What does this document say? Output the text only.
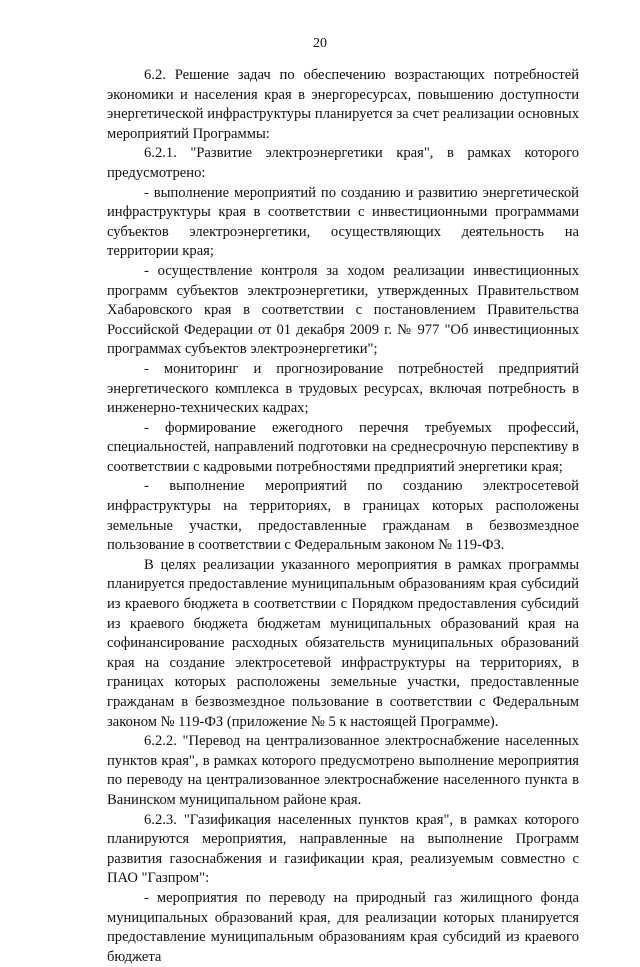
20

6.2. Решение задач по обеспечению возрастающих потребностей экономики и населения края в энергоресурсах, повышению доступности энергетической инфраструктуры планируется за счет реализации основных мероприятий Программы:

6.2.1. "Развитие электроэнергетики края", в рамках которого предусмотрено:

- выполнение мероприятий по созданию и развитию энергетической инфраструктуры края в соответствии с инвестиционными программами субъектов электроэнергетики, осуществляющих деятельность на территории края;

- осуществление контроля за ходом реализации инвестиционных программ субъектов электроэнергетики, утвержденных Правительством Хабаровского края в соответствии с постановлением Правительства Российской Федерации от 01 декабря 2009 г. № 977 "Об инвестиционных программах субъектов электроэнергетики";

- мониторинг и прогнозирование потребностей предприятий энергетического комплекса в трудовых ресурсах, включая потребность в инженерно-технических кадрах;

- формирование ежегодного перечня требуемых профессий, специальностей, направлений подготовки на среднесрочную перспективу в соответствии с кадровыми потребностями предприятий энергетики края;

- выполнение мероприятий по созданию электросетевой инфраструктуры на территориях, в границах которых расположены земельные участки, предоставленные гражданам в безвозмездное пользование в соответствии с Федеральным законом № 119-ФЗ.

В целях реализации указанного мероприятия в рамках программы планируется предоставление муниципальным образованиям края субсидий из краевого бюджета в соответствии с Порядком предоставления субсидий из краевого бюджета бюджетам муниципальных образований края на софинансирование расходных обязательств муниципальных образований края на создание электросетевой инфраструктуры на территориях, в границах которых расположены земельные участки, предоставленные гражданам в безвозмездное пользование в соответствии с Федеральным законом № 119-ФЗ (приложение № 5 к настоящей Программе).

6.2.2. "Перевод на централизованное электроснабжение населенных пунктов края", в рамках которого предусмотрено выполнение мероприятия по переводу на централизованное электроснабжение населенного пункта в Ванинском муниципальном районе края.

6.2.3. "Газификация населенных пунктов края", в рамках которого планируются мероприятия, направленные на выполнение Программ развития газоснабжения и газификации края, реализуемым совместно с ПАО "Газпром":

- мероприятия по переводу на природный газ жилищного фонда муниципальных образований края, для реализации которых планируется предоставление муниципальным образованиям края субсидий из краевого бюджета
